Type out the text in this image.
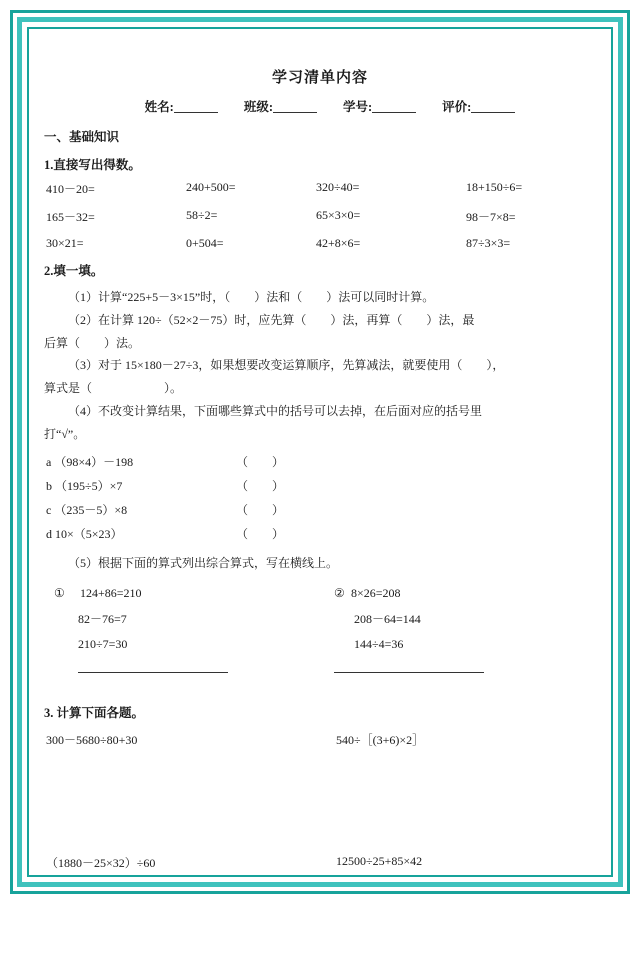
学习清单内容
姓名:	班级:	学号:	评价:
一、基础知识
1.直接写出得数。
410－20=	240+500=	320÷40=	18+150÷6=
165－32=	58÷2=	65×3×0=	98－7×8=
30×21=	0+504=	42+8×6=	87÷3×3=
2.填一填。

（1）计算“225+5－3×15”时，（　　）法和（　　）法可以同时计算。

（2）在计算 120÷（52×2－75）时，应先算（　　）法，再算（　　）法，最

后算（　　）法。

（3）对于 15×180－27÷3，如果想要改变运算顺序，先算减法，就要使用（　　），

算式是（　　　　　　）。

（4）不改变计算结果，下面哪些算式中的括号可以去掉，在后面对应的括号里

打“√”。

a （98×4）－198	（　　）
b （195÷5）×7	（　　）
c （235－5）×8	（　　）
d 10×（5×23）	（　　）

（5）根据下面的算式列出综合算式，写在横线上。

① 124+86=210
82－76=7
210÷7=30
② 8×26=208
208－64=144
144÷4=36
3. 计算下面各题。
300－5680÷80+30	540÷［(3+6)×2］
（1880－25×32）÷60	12500÷25+85×42
